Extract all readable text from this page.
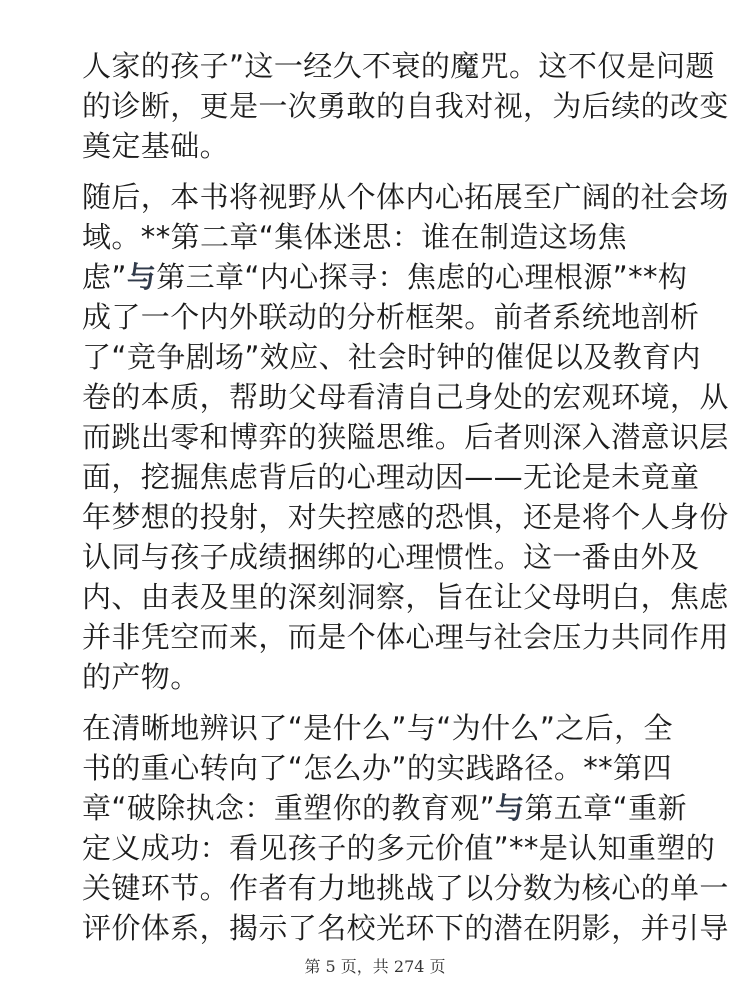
人家的孩子”这一经久不衰的魔咒。这不仅是问题
的诊断，更是一次勇敢的自我对视，为后续的改变
奠定基础。
随后，本书将视野从个体内心拓展至广阔的社会场
域。**第二章“集体迷思：谁在制造这场焦
虑”与第三章“内心探寻：焦虑的心理根源”**构
成了一个内外联动的分析框架。前者系统地剖析
了“竞争剧场”效应、社会时钟的催促以及教育内
卷的本质，帮助父母看清自己身处的宏观环境，从
而跳出零和博弈的狭隘思维。后者则深入潜意识层
面，挖掘焦虑背后的心理动因——无论是未竟童
年梦想的投射，对失控感的恐惧，还是将个人身份
认同与孩子成绩捆绑的心理惯性。这一番由外及
内、由表及里的深刻洞察，旨在让父母明白，焦虑
并非凭空而来，而是个体心理与社会压力共同作用
的产物。
在清晰地辨识了“是什么”与“为什么”之后，全
书的重心转向了“怎么办”的实践路径。**第四
章“破除执念：重塑你的教育观”与第五章“重新
定义成功：看见孩子的多元价值”**是认知重塑的
关键环节。作者有力地挑战了以分数为核心的单一
评价体系，揭示了名校光环下的潜在阴影，并引导
第 5 页，共 274 页
